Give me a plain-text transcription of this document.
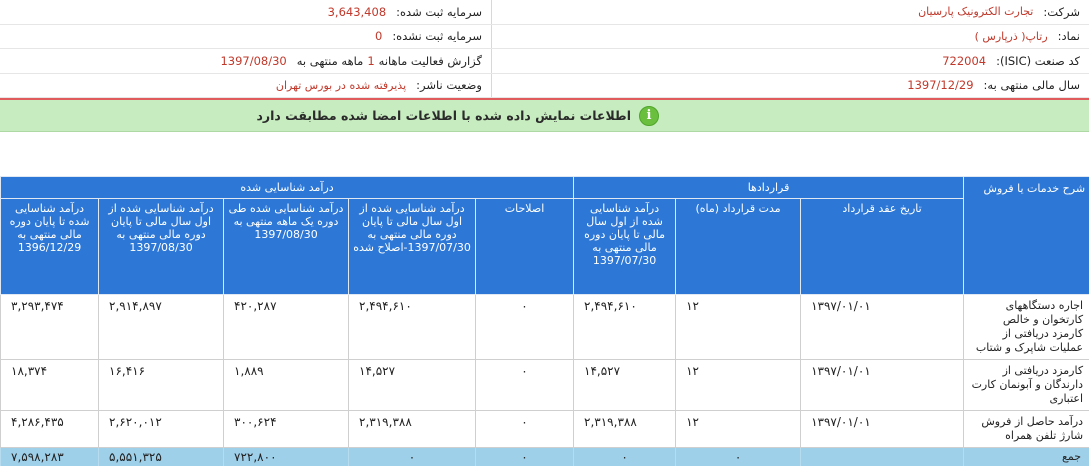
شرکت:
تجارت الکترونیک پارسیان
سرمایه ثبت شده:
3,643,408
نماد:
رتاپ( ذرپارس )
سرمایه ثبت نشده:
0
کد صنعت (ISIC):
722004
گزارش فعالیت ماهانه
1
ماهه منتهی به
1397/08/30
سال مالی منتهی به:
1397/12/29
وضعیت ناشر:
پذیرفته شده در بورس تهران
i
اطلاعات نمایش داده شده با اطلاعات امضا شده مطابقت دارد
شرح خدمات یا فروش	قراردادها			درآمد شناسایی شده				
	تاریخ عقد قرارداد	مدت قرارداد (ماه)	درآمد شناسایی شده از اول سال مالی تا پایان دوره مالی منتهی به 1397/07/30	اصلاحات	درآمد شناسایی شده از اول سال مالی تا پایان دوره مالی منتهی به 1397/07/30-اصلاح شده	درآمد شناسایی شده طی دوره یک ماهه منتهی به 1397/08/30	درآمد شناسایی شده از اول سال مالی تا پایان دوره مالی منتهی به 1397/08/30	درآمد شناسایی شده تا پایان دوره مالی منتهی به 1396/12/29
اجاره دستگاههای کارتخوان و خالص کارمزد دریافتی از عملیات شاپرک و شتاب	۱۳۹۷/۰۱/۰۱	۱۲	۲,۴۹۴,۶۱۰	۰	۲,۴۹۴,۶۱۰	۴۲۰,۲۸۷	۲,۹۱۴,۸۹۷	۳,۲۹۳,۴۷۴
کارمزد دریافتی از دارندگان و آبونمان کارت اعتباری	۱۳۹۷/۰۱/۰۱	۱۲	۱۴,۵۲۷	۰	۱۴,۵۲۷	۱,۸۸۹	۱۶,۴۱۶	۱۸,۳۷۴
درآمد حاصل از فروش شارژ تلفن همراه	۱۳۹۷/۰۱/۰۱	۱۲	۲,۳۱۹,۳۸۸	۰	۲,۳۱۹,۳۸۸	۳۰۰,۶۲۴	۲,۶۲۰,۰۱۲	۴,۲۸۶,۴۳۵
جمع		۰	۰	۰	۰	۷۲۲,۸۰۰	۵,۵۵۱,۳۲۵	۷,۵۹۸,۲۸۳
